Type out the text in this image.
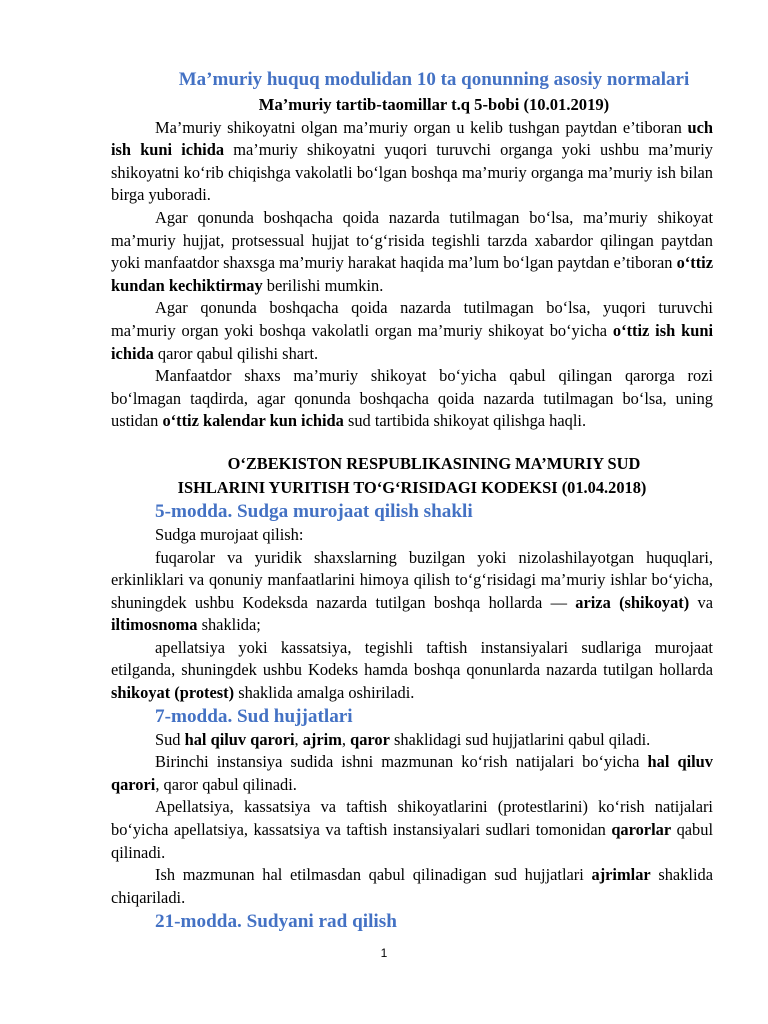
Ma’muriy huquq modulidan 10 ta qonunning asosiy normalari
Ma’muriy tartib-taomillar t.q 5-bobi (10.01.2019)

Ma’muriy shikoyatni olgan ma’muriy organ u kelib tushgan paytdan e’tiboran uch ish kuni ichida ma’muriy shikoyatni yuqori turuvchi organga yoki ushbu ma’muriy shikoyatni ko‘rib chiqishga vakolatli bo‘lgan boshqa ma’muriy organga ma’muriy ish bilan birga yuboradi.

Agar qonunda boshqacha qoida nazarda tutilmagan bo‘lsa, ma’muriy shikoyat ma’muriy hujjat, protsessual hujjat to‘g‘risida tegishli tarzda xabardor qilingan paytdan yoki manfaatdor shaxsga ma’muriy harakat haqida ma’lum bo‘lgan paytdan e’tiboran o‘ttiz kundan kechiktirmay berilishi mumkin.

Agar qonunda boshqacha qoida nazarda tutilmagan bo‘lsa, yuqori turuvchi ma’muriy organ yoki boshqa vakolatli organ ma’muriy shikoyat bo‘yicha o‘ttiz ish kuni ichida qaror qabul qilishi shart.

Manfaatdor shaxs ma’muriy shikoyat bo‘yicha qabul qilingan qarorga rozi bo‘lmagan taqdirda, agar qonunda boshqacha qoida nazarda tutilmagan bo‘lsa, uning ustidan o‘ttiz kalendar kun ichida sud tartibida shikoyat qilishga haqli.

O‘ZBEKISTON RESPUBLIKASINING MA’MURIY SUD
ISHLARINI YURITISH TO‘G‘RISIDAGI KODEKSI (01.04.2018)
5-modda. Sudga murojaat qilish shakli

Sudga murojaat qilish:

fuqarolar va yuridik shaxslarning buzilgan yoki nizolashilayotgan huquqlari, erkinliklari va qonuniy manfaatlarini himoya qilish to‘g‘risidagi ma’muriy ishlar bo‘yicha, shuningdek ushbu Kodeksda nazarda tutilgan boshqa hollarda — ariza (shikoyat) va iltimosnoma shaklida;

apellatsiya yoki kassatsiya, tegishli taftish instansiyalari sudlariga murojaat etilganda, shuningdek ushbu Kodeks hamda boshqa qonunlarda nazarda tutilgan hollarda shikoyat (protest) shaklida amalga oshiriladi.

7-modda. Sud hujjatlari

Sud hal qiluv qarori, ajrim, qaror shaklidagi sud hujjatlarini qabul qiladi.

Birinchi instansiya sudida ishni mazmunan ko‘rish natijalari bo‘yicha hal qiluv qarori, qaror qabul qilinadi.

Apellatsiya, kassatsiya va taftish shikoyatlarini (protestlarini) ko‘rish natijalari bo‘yicha apellatsiya, kassatsiya va taftish instansiyalari sudlari tomonidan qarorlar qabul qilinadi.

Ish mazmunan hal etilmasdan qabul qilinadigan sud hujjatlari ajrimlar shaklida chiqariladi.

21-modda. Sudyani rad qilish
1
